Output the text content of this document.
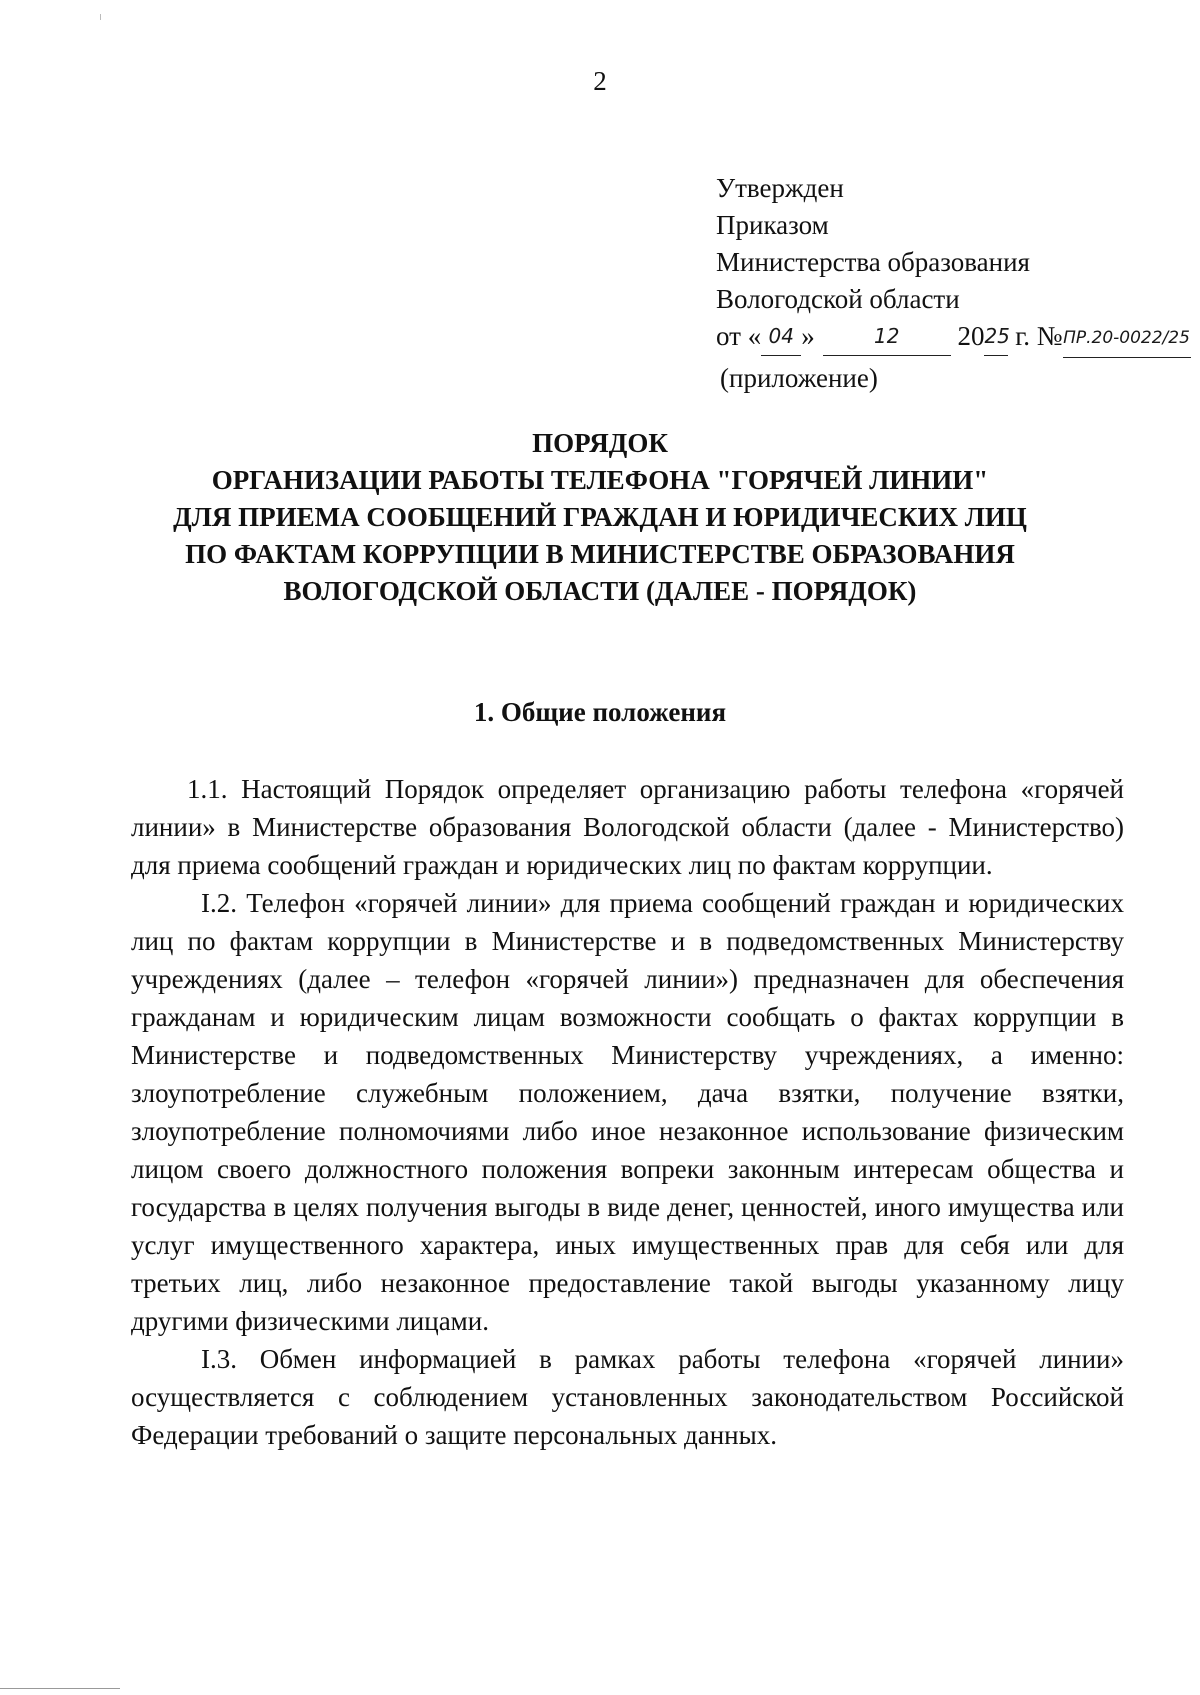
2
Утвержден
Приказом
Министерства образования
Вологодской области
от « 04 »	12 2025 г. №ПР.20-0022/25
(приложение)
ПОРЯДОК
ОРГАНИЗАЦИИ РАБОТЫ ТЕЛЕФОНА "ГОРЯЧЕЙ ЛИНИИ"
ДЛЯ ПРИЕМА СООБЩЕНИЙ ГРАЖДАН И ЮРИДИЧЕСКИХ ЛИЦ
ПО ФАКТАМ КОРРУПЦИИ В МИНИСТЕРСТВЕ ОБРАЗОВАНИЯ
ВОЛОГОДСКОЙ ОБЛАСТИ (ДАЛЕЕ - ПОРЯДОК)
1. Общие положения

1.1. Настоящий Порядок определяет организацию работы телефона «горячей линии» в Министерстве образования Вологодской области (далее - Министерство) для приема сообщений граждан и юридических лиц по фактам коррупции.

I.2. Телефон «горячей линии» для приема сообщений граждан и юридических лиц по фактам коррупции в Министерстве и в подведомственных Министерству учреждениях (далее – телефон «горячей линии») предназначен для обеспечения гражданам и юридическим лицам возможности сообщать о фактах коррупции в Министерстве и подведомственных Министерству учреждениях, а именно: злоупотребление служебным положением, дача взятки, получение взятки, злоупотребление полномочиями либо иное незаконное использование физическим лицом своего должностного положения вопреки законным интересам общества и государства в целях получения выгоды в виде денег, ценностей, иного имущества или услуг имущественного характера, иных имущественных прав для себя или для третьих лиц, либо незаконное предоставление такой выгоды указанному лицу другими физическими лицами.

I.3. Обмен информацией в рамках работы телефона «горячей линии» осуществляется с соблюдением установленных законодательством Российской Федерации требований о защите персональных данных.
